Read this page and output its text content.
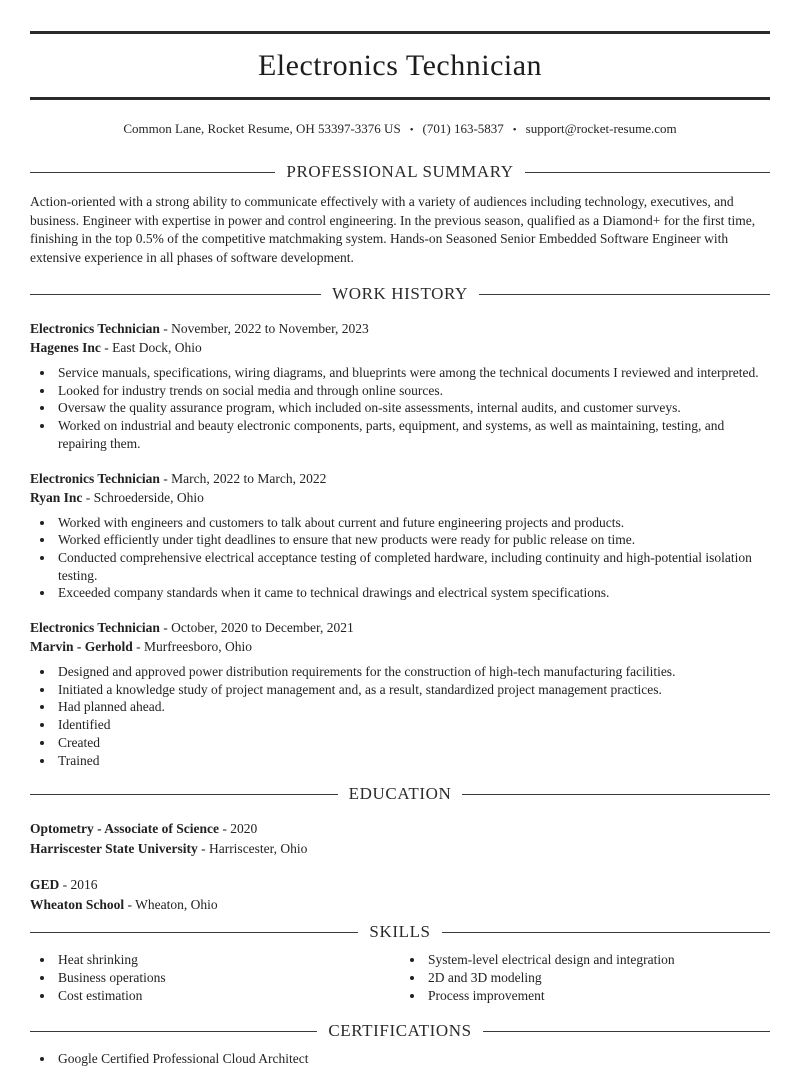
Electronics Technician
Common Lane, Rocket Resume, OH 53397-3376 US • (701) 163-5837 • support@rocket-resume.com
PROFESSIONAL SUMMARY

Action-oriented with a strong ability to communicate effectively with a variety of audiences including technology, executives, and business. Engineer with expertise in power and control engineering. In the previous season, qualified as a Diamond+ for the first time, finishing in the top 0.5% of the competitive matchmaking system. Hands-on Seasoned Senior Embedded Software Engineer with extensive experience in all phases of software development.

WORK HISTORY
Electronics Technician - November, 2022 to November, 2023
Hagenes Inc - East Dock, Ohio
• Service manuals, specifications, wiring diagrams, and blueprints were among the technical documents I reviewed and interpreted.
• Looked for industry trends on social media and through online sources.
• Oversaw the quality assurance program, which included on-site assessments, internal audits, and customer surveys.
• Worked on industrial and beauty electronic components, parts, equipment, and systems, as well as maintaining, testing, and repairing them.
Electronics Technician - March, 2022 to March, 2022
Ryan Inc - Schroederside, Ohio
• Worked with engineers and customers to talk about current and future engineering projects and products.
• Worked efficiently under tight deadlines to ensure that new products were ready for public release on time.
• Conducted comprehensive electrical acceptance testing of completed hardware, including continuity and high-potential isolation testing.
• Exceeded company standards when it came to technical drawings and electrical system specifications.
Electronics Technician - October, 2020 to December, 2021
Marvin - Gerhold - Murfreesboro, Ohio
• Designed and approved power distribution requirements for the construction of high-tech manufacturing facilities.
• Initiated a knowledge study of project management and, as a result, standardized project management practices.
• Had planned ahead.
• Identified
• Created
• Trained
EDUCATION
Optometry - Associate of Science - 2020
Harriscester State University - Harriscester, Ohio
GED - 2016
Wheaton School - Wheaton, Ohio
SKILLS
• Heat shrinking
• Business operations
• Cost estimation
• System-level electrical design and integration
• 2D and 3D modeling
• Process improvement
CERTIFICATIONS
• Google Certified Professional Cloud Architect
